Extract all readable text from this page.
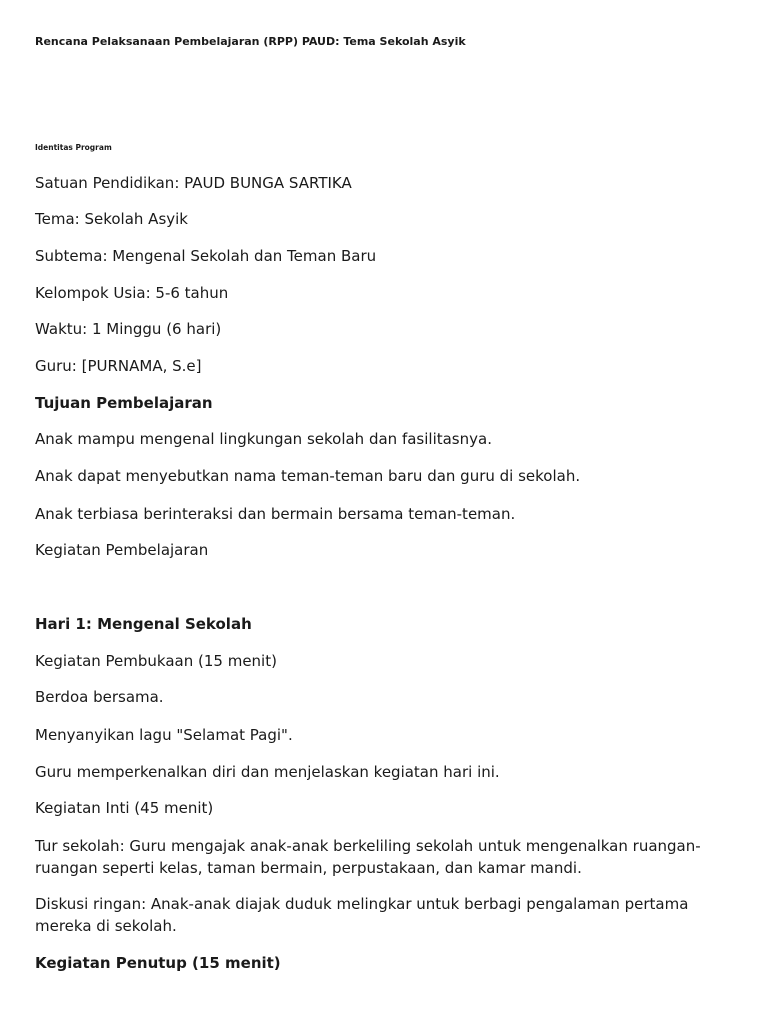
Rencana Pelaksanaan Pembelajaran (RPP) PAUD: Tema Sekolah Asyik
Identitas Program
Satuan Pendidikan: PAUD BUNGA SARTIKA
Tema: Sekolah Asyik
Subtema: Mengenal Sekolah dan Teman Baru
Kelompok Usia: 5-6 tahun
Waktu: 1 Minggu (6 hari)
Guru: [PURNAMA, S.e]
Tujuan Pembelajaran
Anak mampu mengenal lingkungan sekolah dan fasilitasnya.
Anak dapat menyebutkan nama teman-teman baru dan guru di sekolah.
Anak terbiasa berinteraksi dan bermain bersama teman-teman.
Kegiatan Pembelajaran
Hari 1: Mengenal Sekolah
Kegiatan Pembukaan (15 menit)
Berdoa bersama.
Menyanyikan lagu "Selamat Pagi".
Guru memperkenalkan diri dan menjelaskan kegiatan hari ini.
Kegiatan Inti (45 menit)
Tur sekolah: Guru mengajak anak-anak berkeliling sekolah untuk mengenalkan ruangan-ruangan seperti kelas, taman bermain, perpustakaan, dan kamar mandi.
Diskusi ringan: Anak-anak diajak duduk melingkar untuk berbagi pengalaman pertama mereka di sekolah.
Kegiatan Penutup (15 menit)
